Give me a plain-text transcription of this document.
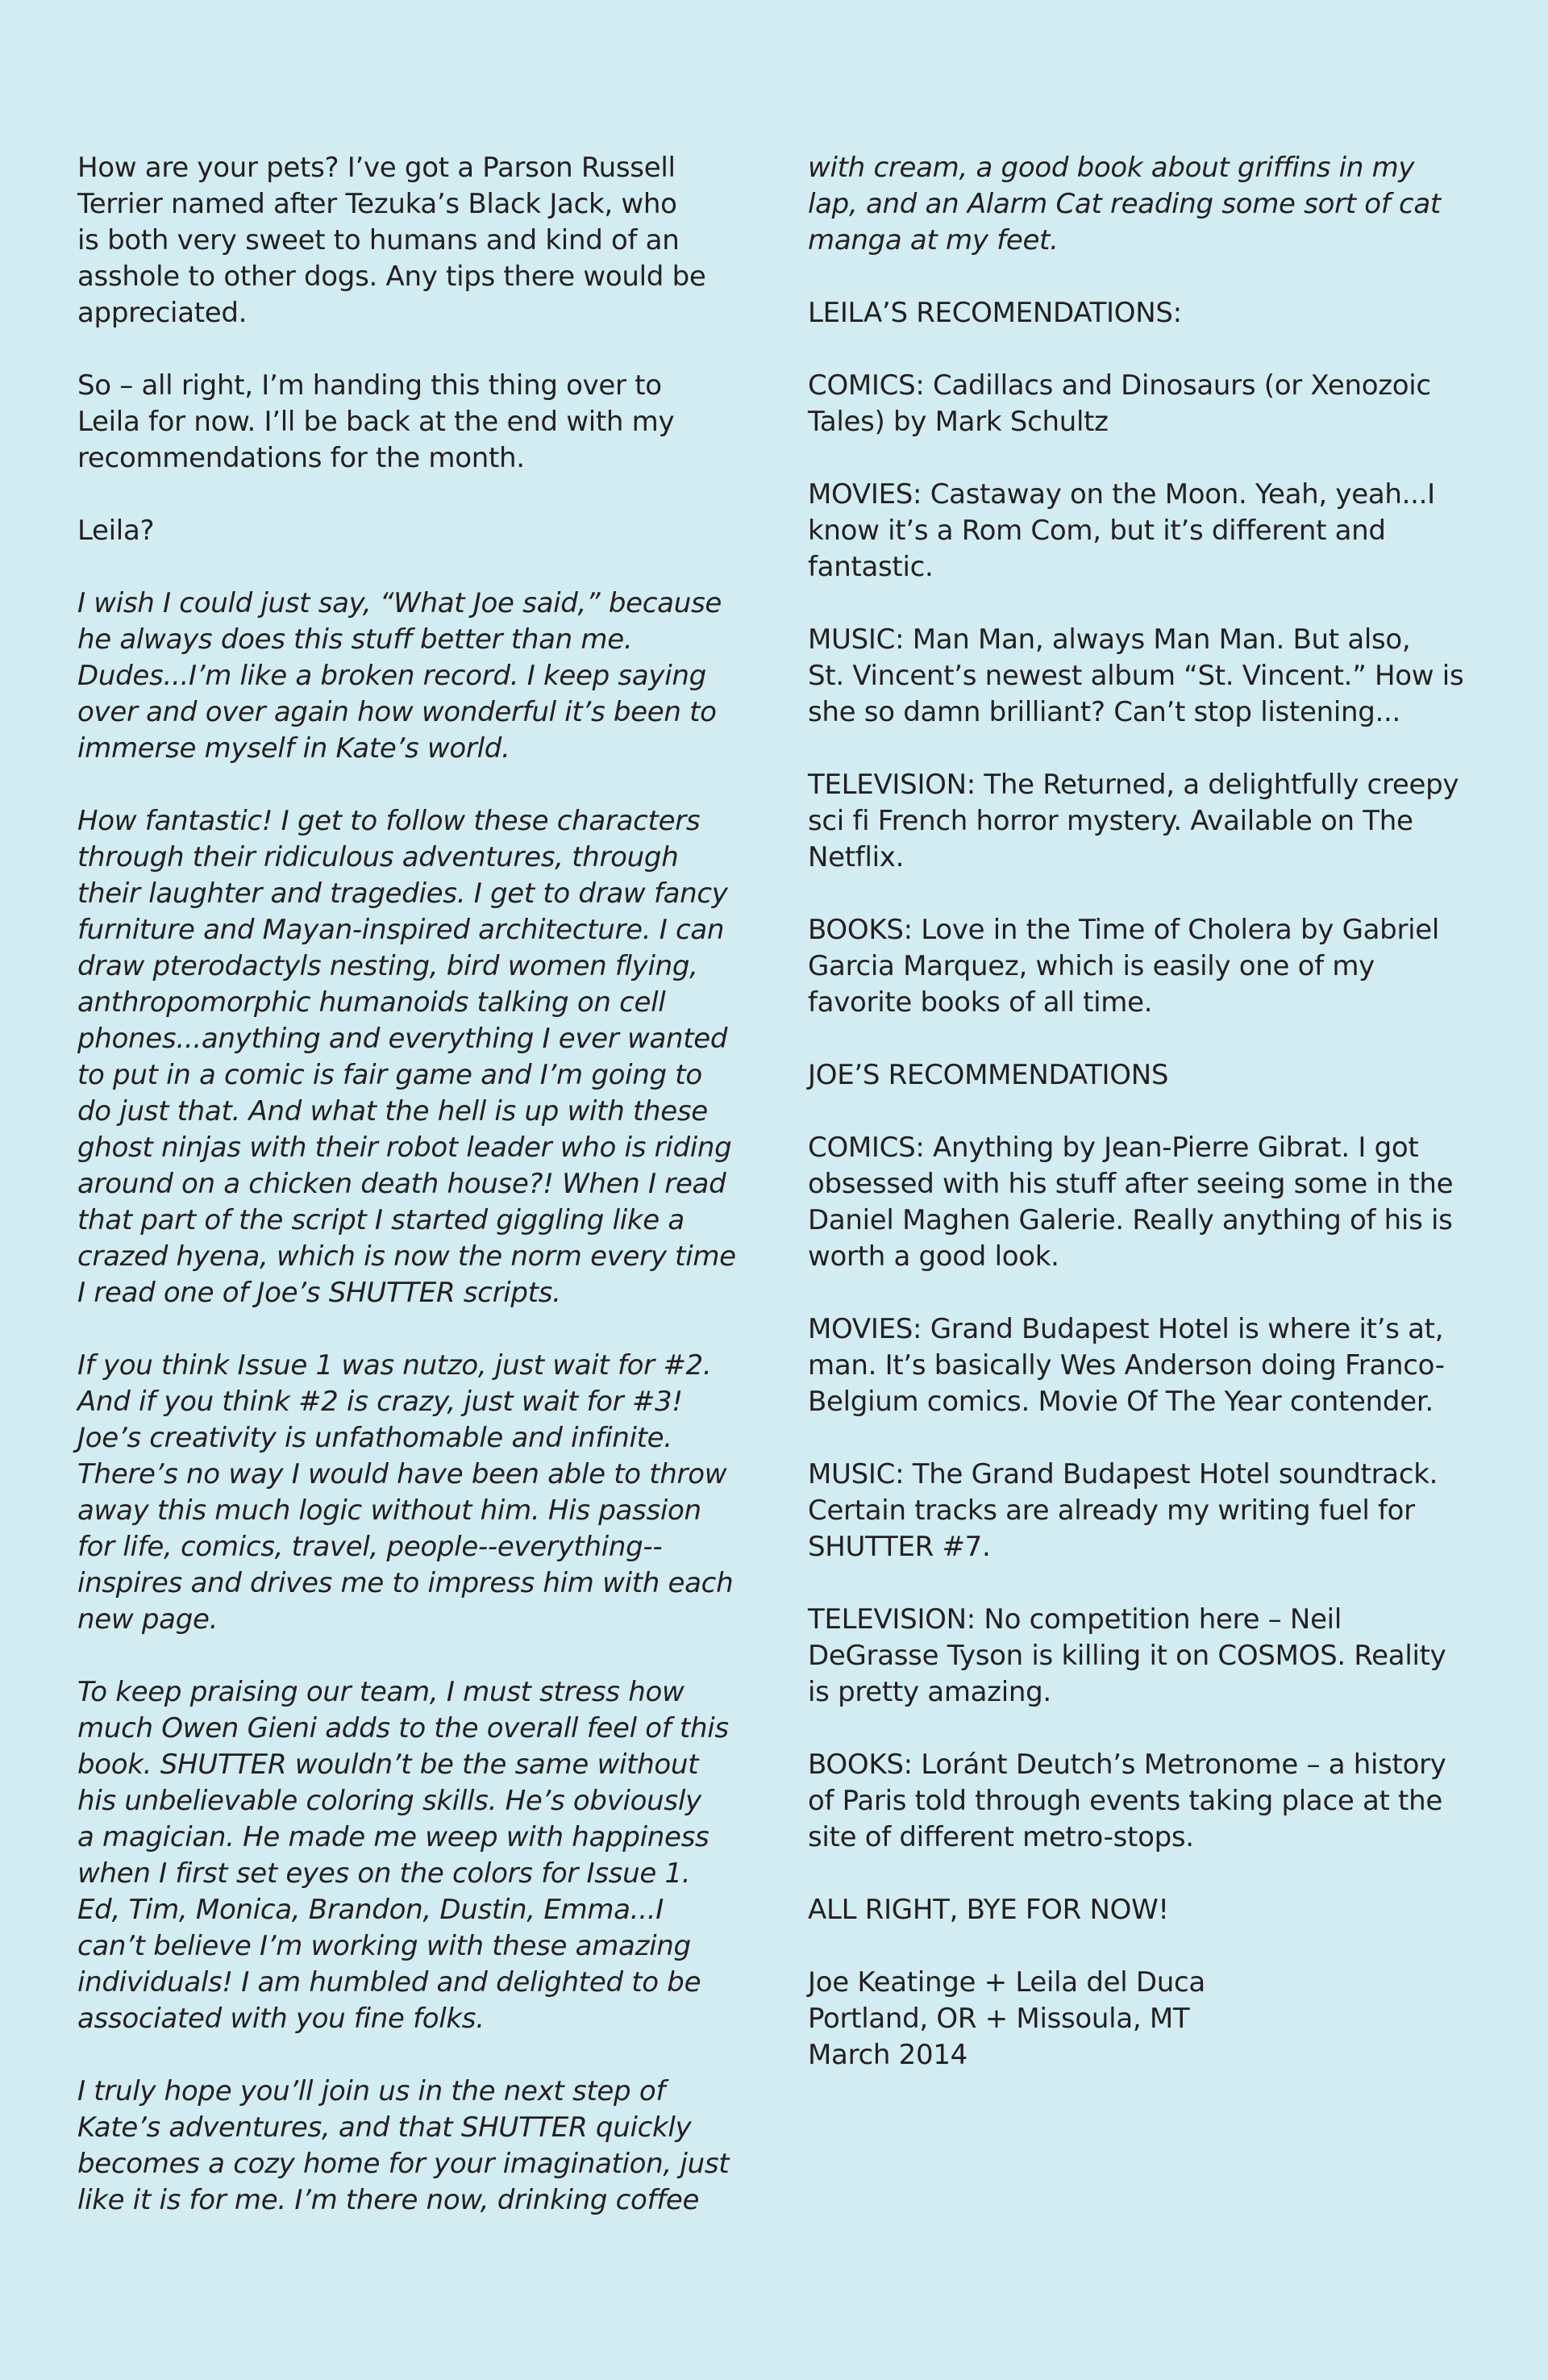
How are your pets? I’ve got a Parson Russell
Terrier named after Tezuka’s Black Jack, who
is both very sweet to humans and kind of an
asshole to other dogs. Any tips there would be
appreciated.

So – all right, I’m handing this thing over to
Leila for now. I’ll be back at the end with my
recommendations for the month.

Leila?

I wish I could just say, “What Joe said,” because
he always does this stuff better than me.
Dudes...I’m like a broken record. I keep saying
over and over again how wonderful it’s been to
immerse myself in Kate’s world.

How fantastic! I get to follow these characters
through their ridiculous adventures, through
their laughter and tragedies. I get to draw fancy
furniture and Mayan-inspired architecture. I can
draw pterodactyls nesting, bird women flying,
anthropomorphic humanoids talking on cell
phones...anything and everything I ever wanted
to put in a comic is fair game and I’m going to
do just that. And what the hell is up with these
ghost ninjas with their robot leader who is riding
around on a chicken death house?! When I read
that part of the script I started giggling like a
crazed hyena, which is now the norm every time
I read one of Joe’s SHUTTER scripts.

If you think Issue 1 was nutzo, just wait for #2.
And if you think #2 is crazy, just wait for #3!
Joe’s creativity is unfathomable and infinite.
There’s no way I would have been able to throw
away this much logic without him. His passion
for life, comics, travel, people--everything--
inspires and drives me to impress him with each
new page.

To keep praising our team, I must stress how
much Owen Gieni adds to the overall feel of this
book. SHUTTER wouldn’t be the same without
his unbelievable coloring skills. He’s obviously
a magician. He made me weep with happiness
when I first set eyes on the colors for Issue 1.
Ed, Tim, Monica, Brandon, Dustin, Emma...I
can’t believe I’m working with these amazing
individuals! I am humbled and delighted to be
associated with you fine folks.

I truly hope you’ll join us in the next step of
Kate’s adventures, and that SHUTTER quickly
becomes a cozy home for your imagination, just
like it is for me. I’m there now, drinking coffee

with cream, a good book about griffins in my
lap, and an Alarm Cat reading some sort of cat
manga at my feet.

LEILA’S RECOMENDATIONS:

COMICS: Cadillacs and Dinosaurs (or Xenozoic
Tales) by Mark Schultz

MOVIES: Castaway on the Moon. Yeah, yeah...I
know it’s a Rom Com, but it’s different and
fantastic.

MUSIC: Man Man, always Man Man. But also,
St. Vincent’s newest album “St. Vincent.” How is
she so damn brilliant? Can’t stop listening...

TELEVISION: The Returned, a delightfully creepy
sci fi French horror mystery. Available on The
Netflix.

BOOKS: Love in the Time of Cholera by Gabriel
Garcia Marquez, which is easily one of my
favorite books of all time.

JOE’S RECOMMENDATIONS

COMICS: Anything by Jean-Pierre Gibrat. I got
obsessed with his stuff after seeing some in the
Daniel Maghen Galerie. Really anything of his is
worth a good look.

MOVIES: Grand Budapest Hotel is where it’s at,
man. It’s basically Wes Anderson doing Franco-
Belgium comics. Movie Of The Year contender.

MUSIC: The Grand Budapest Hotel soundtrack.
Certain tracks are already my writing fuel for
SHUTTER #7.

TELEVISION: No competition here – Neil
DeGrasse Tyson is killing it on COSMOS. Reality
is pretty amazing.

BOOKS: Loránt Deutch’s Metronome – a history
of Paris told through events taking place at the
site of different metro-stops.

ALL RIGHT, BYE FOR NOW!

Joe Keatinge + Leila del Duca
Portland, OR + Missoula, MT
March 2014
